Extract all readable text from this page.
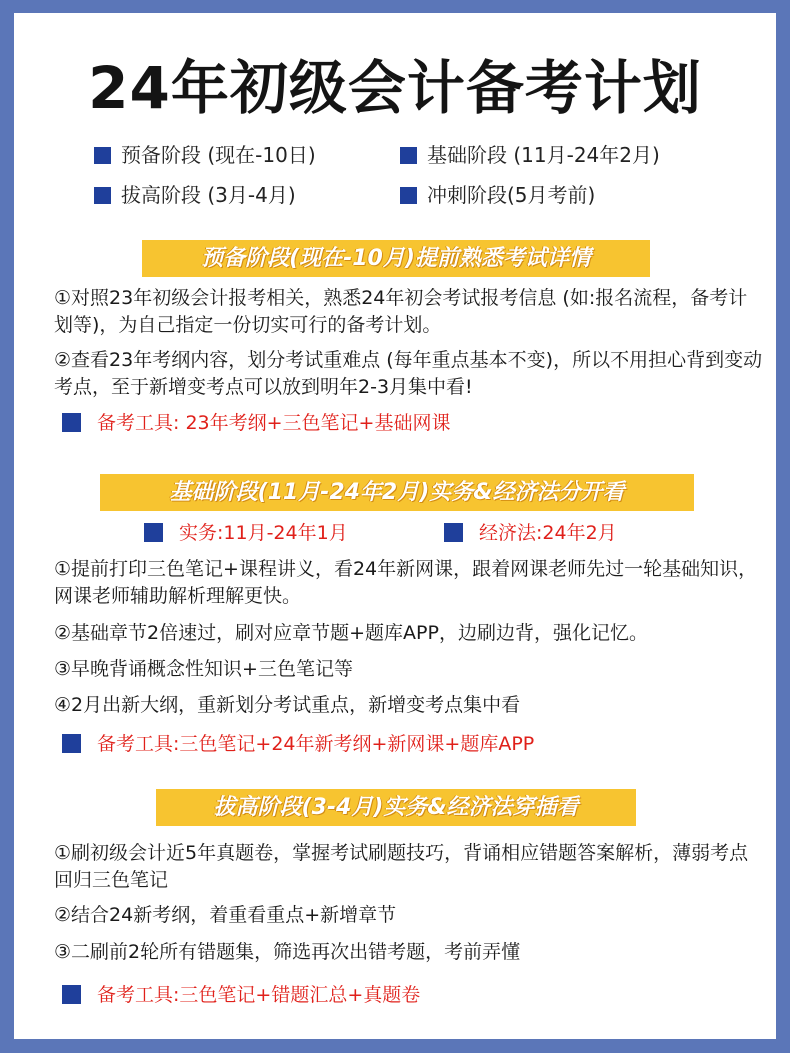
24年初级会计备考计划
预备阶段 (现在-10日)	基础阶段 (11月-24年2月)
拔高阶段 (3月-4月)	冲刺阶段(5月考前)
预备阶段(现在-10月)提前熟悉考试详情
①对照23年初级会计报考相关，熟悉24年初会考试报考信息 (如:报名流程，备考计划等)，为自己指定一份切实可行的备考计划。
②查看23年考纲内容，划分考试重难点 (每年重点基本不变)，所以不用担心背到变动考点，至于新增变考点可以放到明年2-3月集中看!
备考工具: 23年考纲+三色笔记+基础网课
基础阶段(11月-24年2月)实务&经济法分开看
实务:11月-24年1月	经济法:24年2月
①提前打印三色笔记+课程讲义，看24年新网课，跟着网课老师先过一轮基础知识，网课老师辅助解析理解更快。
②基础章节2倍速过，刷对应章节题+题库APP，边刷边背，强化记忆。
③早晚背诵概念性知识+三色笔记等
④2月出新大纲，重新划分考试重点，新增变考点集中看
备考工具:三色笔记+24年新考纲+新网课+题库APP
拔高阶段(3-4月)实务&经济法穿插看
①刷初级会计近5年真题卷，掌握考试刷题技巧，背诵相应错题答案解析，薄弱考点回归三色笔记
②结合24新考纲，着重看重点+新增章节
③二刷前2轮所有错题集，筛选再次出错考题，考前弄懂
备考工具:三色笔记+错题汇总+真题卷
